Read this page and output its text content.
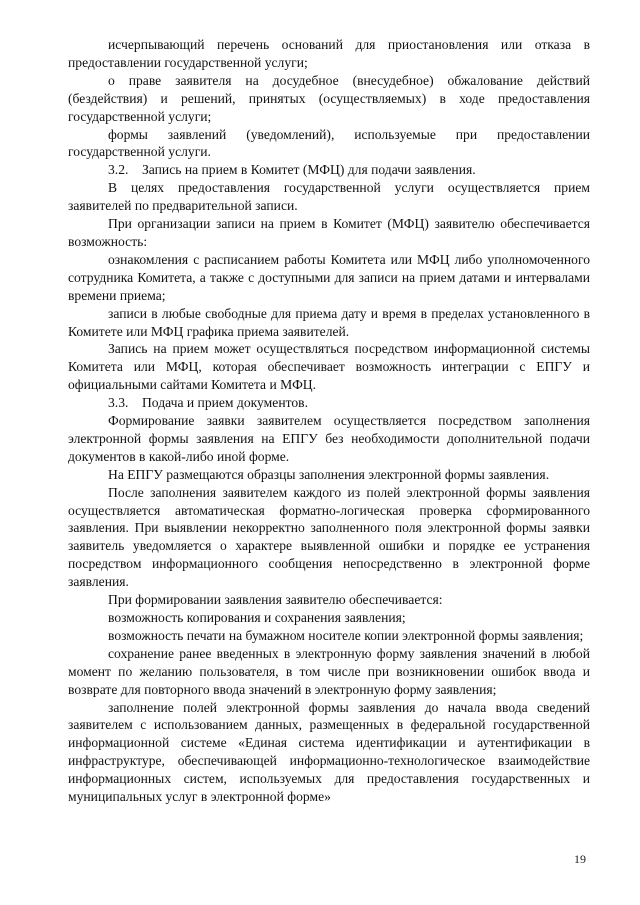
исчерпывающий перечень оснований для приостановления или отказа в предоставлении государственной услуги;

о праве заявителя на досудебное (внесудебное) обжалование действий (бездействия) и решений, принятых (осуществляемых) в ходе предоставления государственной услуги;

формы заявлений (уведомлений), используемые при предоставлении государственной услуги.

3.2.    Запись на прием в Комитет (МФЦ) для подачи заявления.

В целях предоставления государственной услуги осуществляется прием заявителей по предварительной записи.

При организации записи на прием в Комитет (МФЦ) заявителю обеспечивается возможность:

ознакомления с расписанием работы Комитета или МФЦ либо уполномоченного сотрудника Комитета, а также с доступными для записи на прием датами и интервалами времени приема;

записи в любые свободные для приема дату и время в пределах установленного в Комитете или МФЦ графика приема заявителей.

Запись на прием может осуществляться посредством информационной системы Комитета или МФЦ, которая обеспечивает возможность интеграции с ЕПГУ и официальными сайтами Комитета и МФЦ.

3.3.    Подача и прием документов.

Формирование заявки заявителем осуществляется посредством заполнения электронной формы заявления на ЕПГУ без необходимости дополнительной подачи документов в какой-либо иной форме.

На ЕПГУ размещаются образцы заполнения электронной формы заявления.

После заполнения заявителем каждого из полей электронной формы заявления осуществляется автоматическая форматно-логическая проверка сформированного заявления. При выявлении некорректно заполненного поля электронной формы заявки заявитель уведомляется о характере выявленной ошибки и порядке ее устранения посредством информационного сообщения непосредственно в электронной форме заявления.

При формировании заявления заявителю обеспечивается:

возможность копирования и сохранения заявления;

возможность печати на бумажном носителе копии электронной формы заявления;

сохранение ранее введенных в электронную форму заявления значений в любой момент по желанию пользователя, в том числе при возникновении ошибок ввода и возврате для повторного ввода значений в электронную форму заявления;

заполнение полей электронной формы заявления до начала ввода сведений заявителем с использованием данных, размещенных в федеральной государственной информационной системе «Единая система идентификации и аутентификации в инфраструктуре, обеспечивающей информационно-технологическое взаимодействие информационных систем, используемых для предоставления государственных и муниципальных услуг в электронной форме»

19
